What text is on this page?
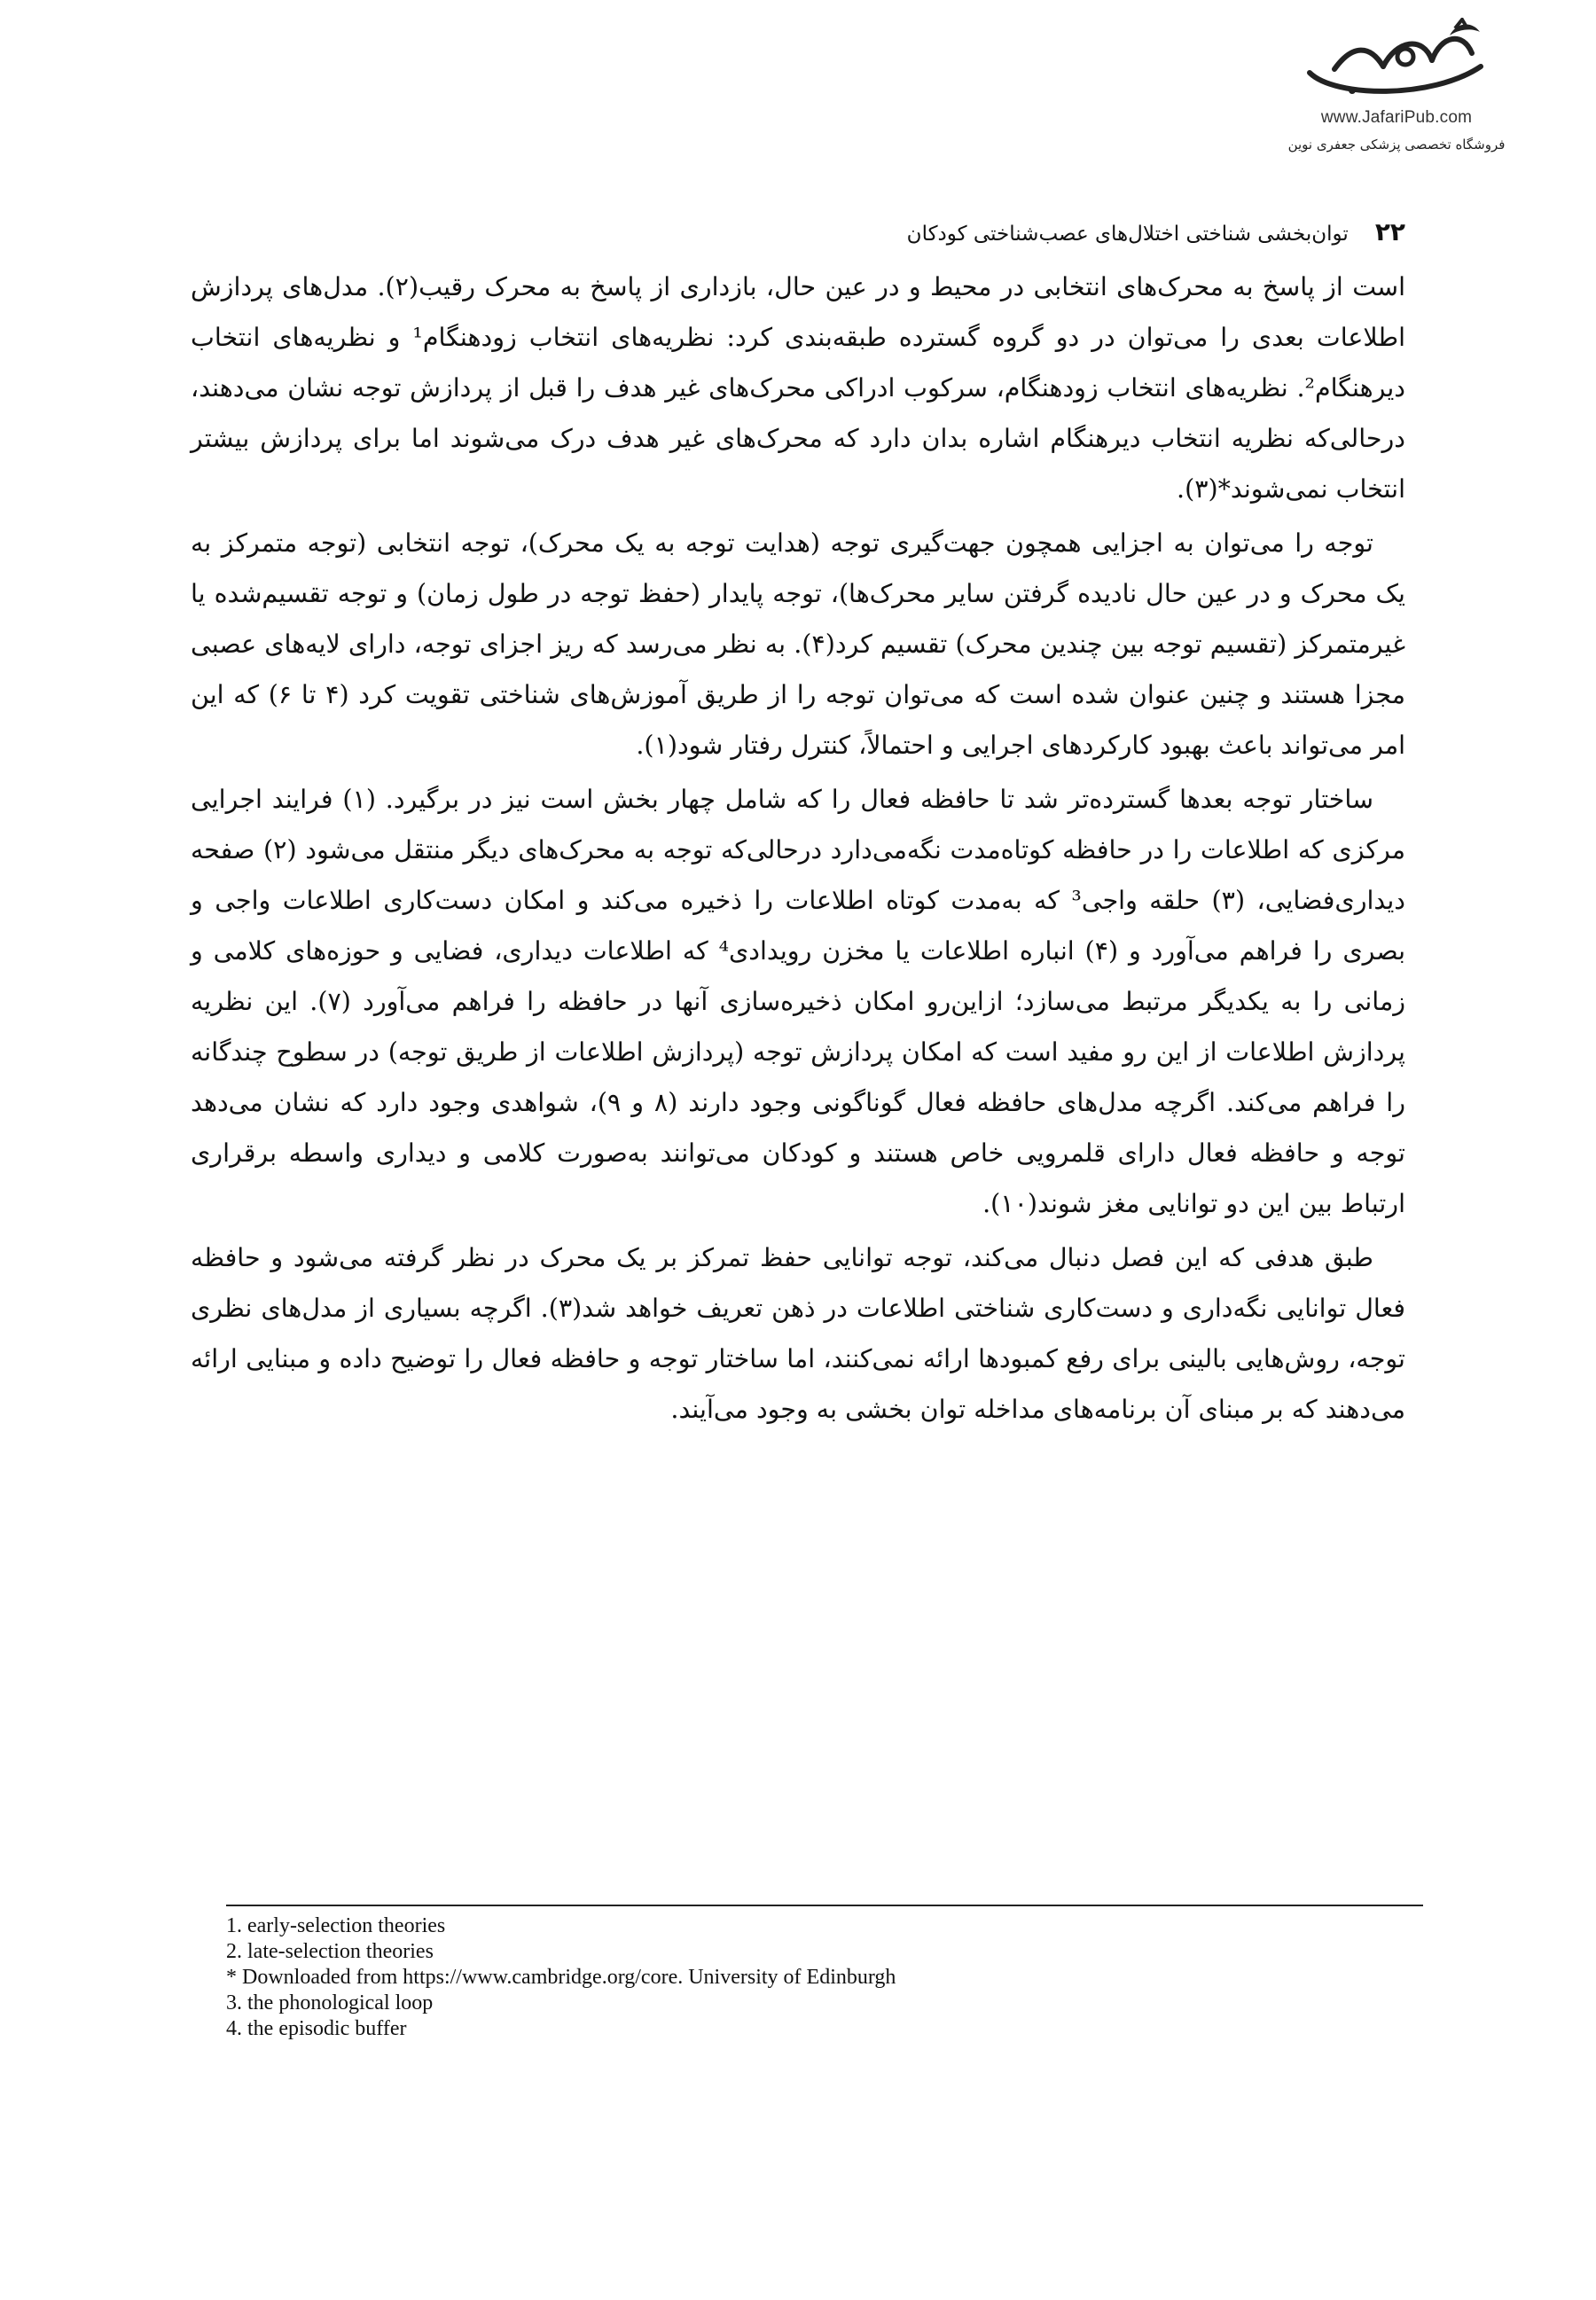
www.JafariPub.com
فروشگاه تخصصی پزشکی جعفری نوین
۲۲
توان‌بخشی شناختی اختلال‌های عصب‌شناختی کودکان

است از پاسخ به محرک‌های انتخابی در محیط و در عین حال، بازداری از پاسخ به محرک رقیب(۲). مدل‌های پردازش اطلاعات بعدی را می‌توان در دو گروه گسترده طبقه‌بندی کرد: نظریه‌های انتخاب زودهنگام¹ و نظریه‌های انتخاب دیرهنگام². نظریه‌های انتخاب زودهنگام، سرکوب ادراکی محرک‌های غیر هدف را قبل از پردازش توجه نشان می‌دهند، درحالی‌که نظریه انتخاب دیرهنگام اشاره بدان دارد که محرک‌های غیر هدف درک می‌شوند اما برای پردازش بیشتر انتخاب نمی‌شوند*(۳).

توجه را می‌توان به اجزایی همچون جهت‌گیری توجه (هدایت توجه به یک محرک)، توجه انتخابی (توجه متمرکز به یک محرک و در عین حال نادیده گرفتن سایر محرک‌ها)، توجه پایدار (حفظ توجه در طول زمان) و توجه تقسیم‌شده یا غیرمتمرکز (تقسیم توجه بین چندین محرک) تقسیم کرد(۴). به نظر می‌رسد که ریز اجزای توجه، دارای لایه‌های عصبی مجزا هستند و چنین عنوان شده است که می‌توان توجه را از طریق آموزش‌های شناختی تقویت کرد (۴ تا ۶) که این امر می‌تواند باعث بهبود کارکردهای اجرایی و احتمالاً، کنترل رفتار شود(۱).

ساختار توجه بعدها گسترده‌تر شد تا حافظه فعال را که شامل چهار بخش است نیز در برگیرد. (۱) فرایند اجرایی مرکزی که اطلاعات را در حافظه کوتاه‌مدت نگه‌می‌دارد درحالی‌که توجه به محرک‌های دیگر منتقل می‌شود (۲) صفحه دیداری‌فضایی، (۳) حلقه واجی³ که به‌مدت کوتاه اطلاعات را ذخیره می‌کند و امکان دست‌کاری اطلاعات واجی و بصری را فراهم می‌آورد و (۴) انباره اطلاعات یا مخزن رویدادی⁴ که اطلاعات دیداری، فضایی و حوزه‌های کلامی و زمانی را به یکدیگر مرتبط می‌سازد؛ ازاین‌رو امکان ذخیره‌سازی آنها در حافظه را فراهم می‌آورد (۷). این نظریه پردازش اطلاعات از این رو مفید است که امکان پردازش توجه (پردازش اطلاعات از طریق توجه) در سطوح چندگانه را فراهم می‌کند. اگرچه مدل‌های حافظه فعال گوناگونی وجود دارند (۸ و ۹)، شواهدی وجود دارد که نشان می‌دهد توجه و حافظه فعال دارای قلمرویی خاص هستند و کودکان می‌توانند به‌صورت کلامی و دیداری واسطه برقراری ارتباط بین این دو توانایی مغز شوند(۱۰).

طبق هدفی که این فصل دنبال می‌کند، توجه توانایی حفظ تمرکز بر یک محرک در نظر گرفته می‌شود و حافظه فعال توانایی نگه‌داری و دست‌کاری شناختی اطلاعات در ذهن تعریف خواهد شد(۳). اگرچه بسیاری از مدل‌های نظری توجه، روش‌هایی بالینی برای رفع کمبودها ارائه نمی‌کنند، اما ساختار توجه و حافظه فعال را توضیح داده و مبنایی ارائه می‌دهند که بر مبنای آن برنامه‌های مداخله توان بخشی به وجود می‌آیند.

1. early-selection theories
2. late-selection theories
* Downloaded from https://www.cambridge.org/core. University of Edinburgh
3. the phonological loop
4. the episodic buffer
